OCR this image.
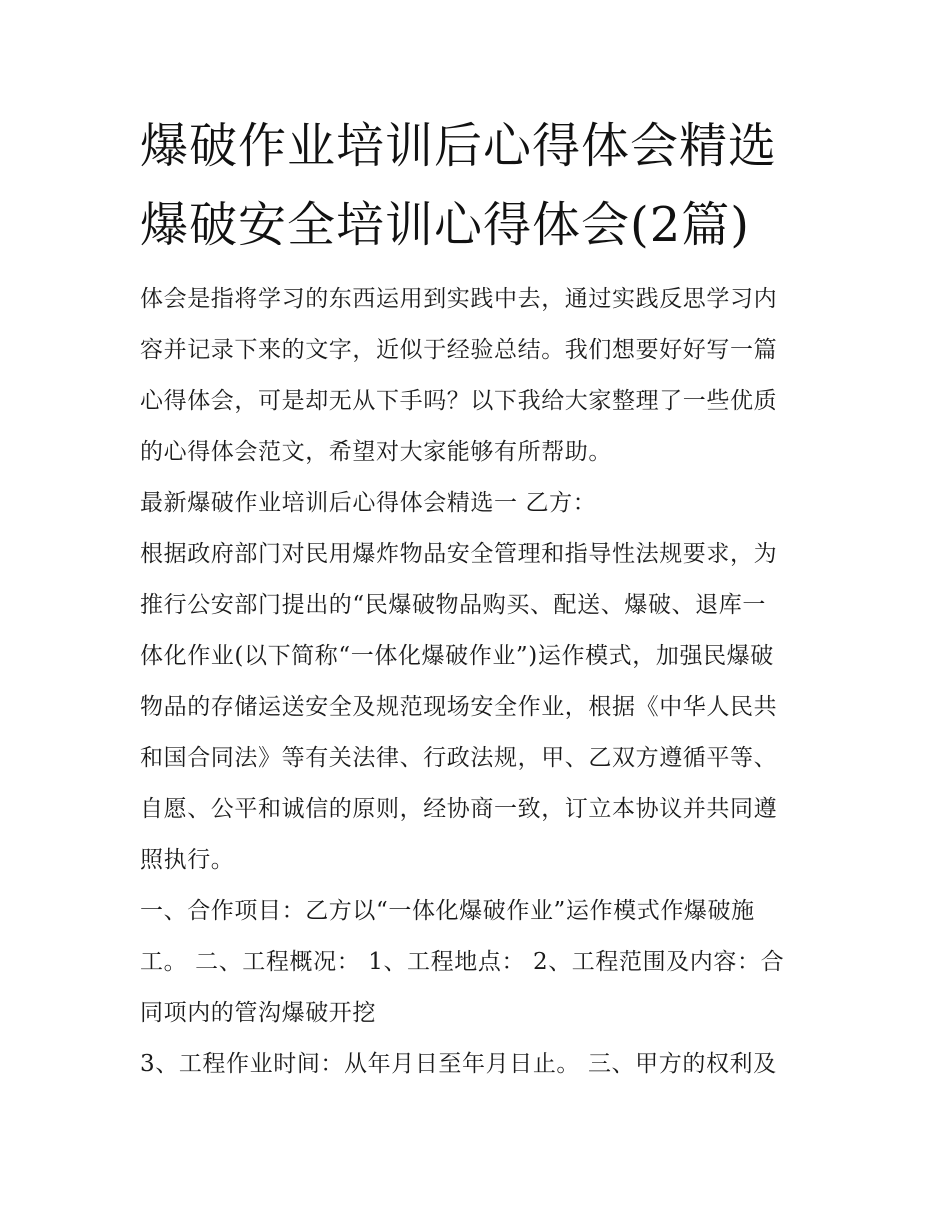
爆破作业培训后心得体会精选
爆破安全培训心得体会(2篇)
体会是指将学习的东西运用到实践中去，通过实践反思学习内
容并记录下来的文字，近似于经验总结。我们想要好好写一篇
心得体会，可是却无从下手吗？以下我给大家整理了一些优质
的心得体会范文，希望对大家能够有所帮助。
最新爆破作业培训后心得体会精选一 乙方：
根据政府部门对民用爆炸物品安全管理和指导性法规要求，为
推行公安部门提出的“民爆破物品购买、配送、爆破、退库一
体化作业(以下简称“一体化爆破作业”)运作模式，加强民爆破
物品的存储运送安全及规范现场安全作业，根据《中华人民共
和国合同法》等有关法律、行政法规，甲、乙双方遵循平等、
自愿、公平和诚信的原则，经协商一致，订立本协议并共同遵
照执行。
一、合作项目：乙方以“一体化爆破作业”运作模式作爆破施
工。 二、工程概况： 1、工程地点： 2、工程范围及内容：合
同项内的管沟爆破开挖
3、工程作业时间：从年月日至年月日止。 三、甲方的权利及
